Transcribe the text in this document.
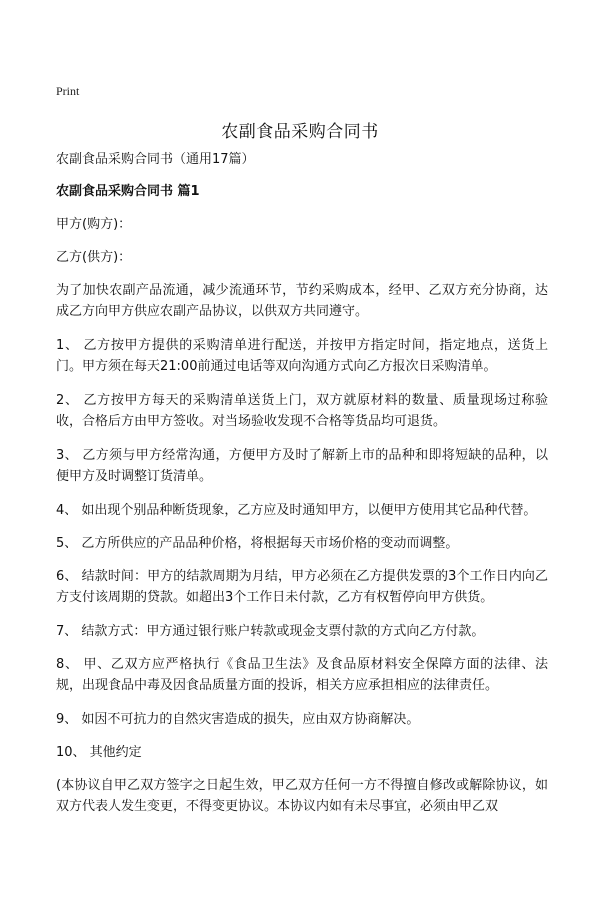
Print
农副食品采购合同书

农副食品采购合同书（通用17篇）

农副食品采购合同书 篇1

甲方(购方)：

乙方(供方)：

为了加快农副产品流通，减少流通环节，节约采购成本，经甲、乙双方充分协商，达成乙方向甲方供应农副产品协议，以供双方共同遵守。

1、 乙方按甲方提供的采购清单进行配送，并按甲方指定时间，指定地点，送货上门。甲方须在每天21:00前通过电话等双向沟通方式向乙方报次日采购清单。

2、 乙方按甲方每天的采购清单送货上门，双方就原材料的数量、质量现场过称验收，合格后方由甲方签收。对当场验收发现不合格等货品均可退货。

3、 乙方须与甲方经常沟通，方便甲方及时了解新上市的品种和即将短缺的品种，以便甲方及时调整订货清单。

4、 如出现个别品种断货现象，乙方应及时通知甲方，以便甲方使用其它品种代替。

5、 乙方所供应的产品品种价格，将根据每天市场价格的变动而调整。

6、 结款时间：甲方的结款周期为月结，甲方必须在乙方提供发票的3个工作日内向乙方支付该周期的贷款。如超出3个工作日未付款，乙方有权暂停向甲方供货。

7、 结款方式：甲方通过银行账户转款或现金支票付款的方式向乙方付款。

8、 甲、乙双方应严格执行《食品卫生法》及食品原材料安全保障方面的法律、法规，出现食品中毒及因食品质量方面的投诉，相关方应承担相应的法律责任。

9、 如因不可抗力的自然灾害造成的损失，应由双方协商解决。

10、 其他约定

(本协议自甲乙双方签字之日起生效，甲乙双方任何一方不得擅自修改或解除协议，如双方代表人发生变更，不得变更协议。本协议内如有未尽事宜，必须由甲乙双
